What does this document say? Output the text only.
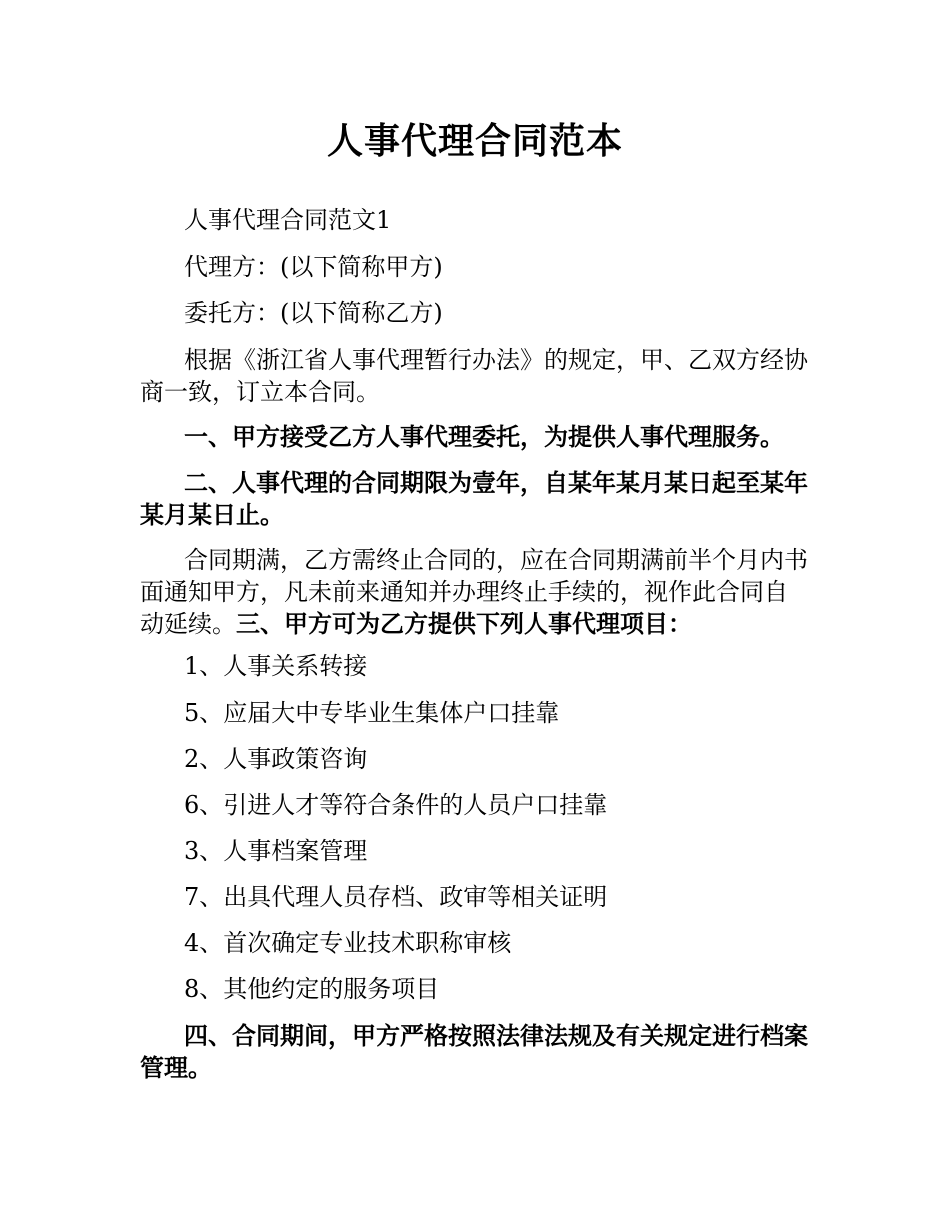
人事代理合同范本

人事代理合同范文1

代理方：(以下简称甲方)

委托方：(以下简称乙方)

根据《浙江省人事代理暂行办法》的规定，甲、乙双方经协商一致，订立本合同。

一、甲方接受乙方人事代理委托，为提供人事代理服务。

二、人事代理的合同期限为壹年，自某年某月某日起至某年某月某日止。

合同期满，乙方需终止合同的，应在合同期满前半个月内书面通知甲方，凡未前来通知并办理终止手续的，视作此合同自动延续。三、甲方可为乙方提供下列人事代理项目：

1、人事关系转接

5、应届大中专毕业生集体户口挂靠

2、人事政策咨询

6、引进人才等符合条件的人员户口挂靠

3、人事档案管理

7、出具代理人员存档、政审等相关证明

4、首次确定专业技术职称审核

8、其他约定的服务项目

四、合同期间，甲方严格按照法律法规及有关规定进行档案管理。
